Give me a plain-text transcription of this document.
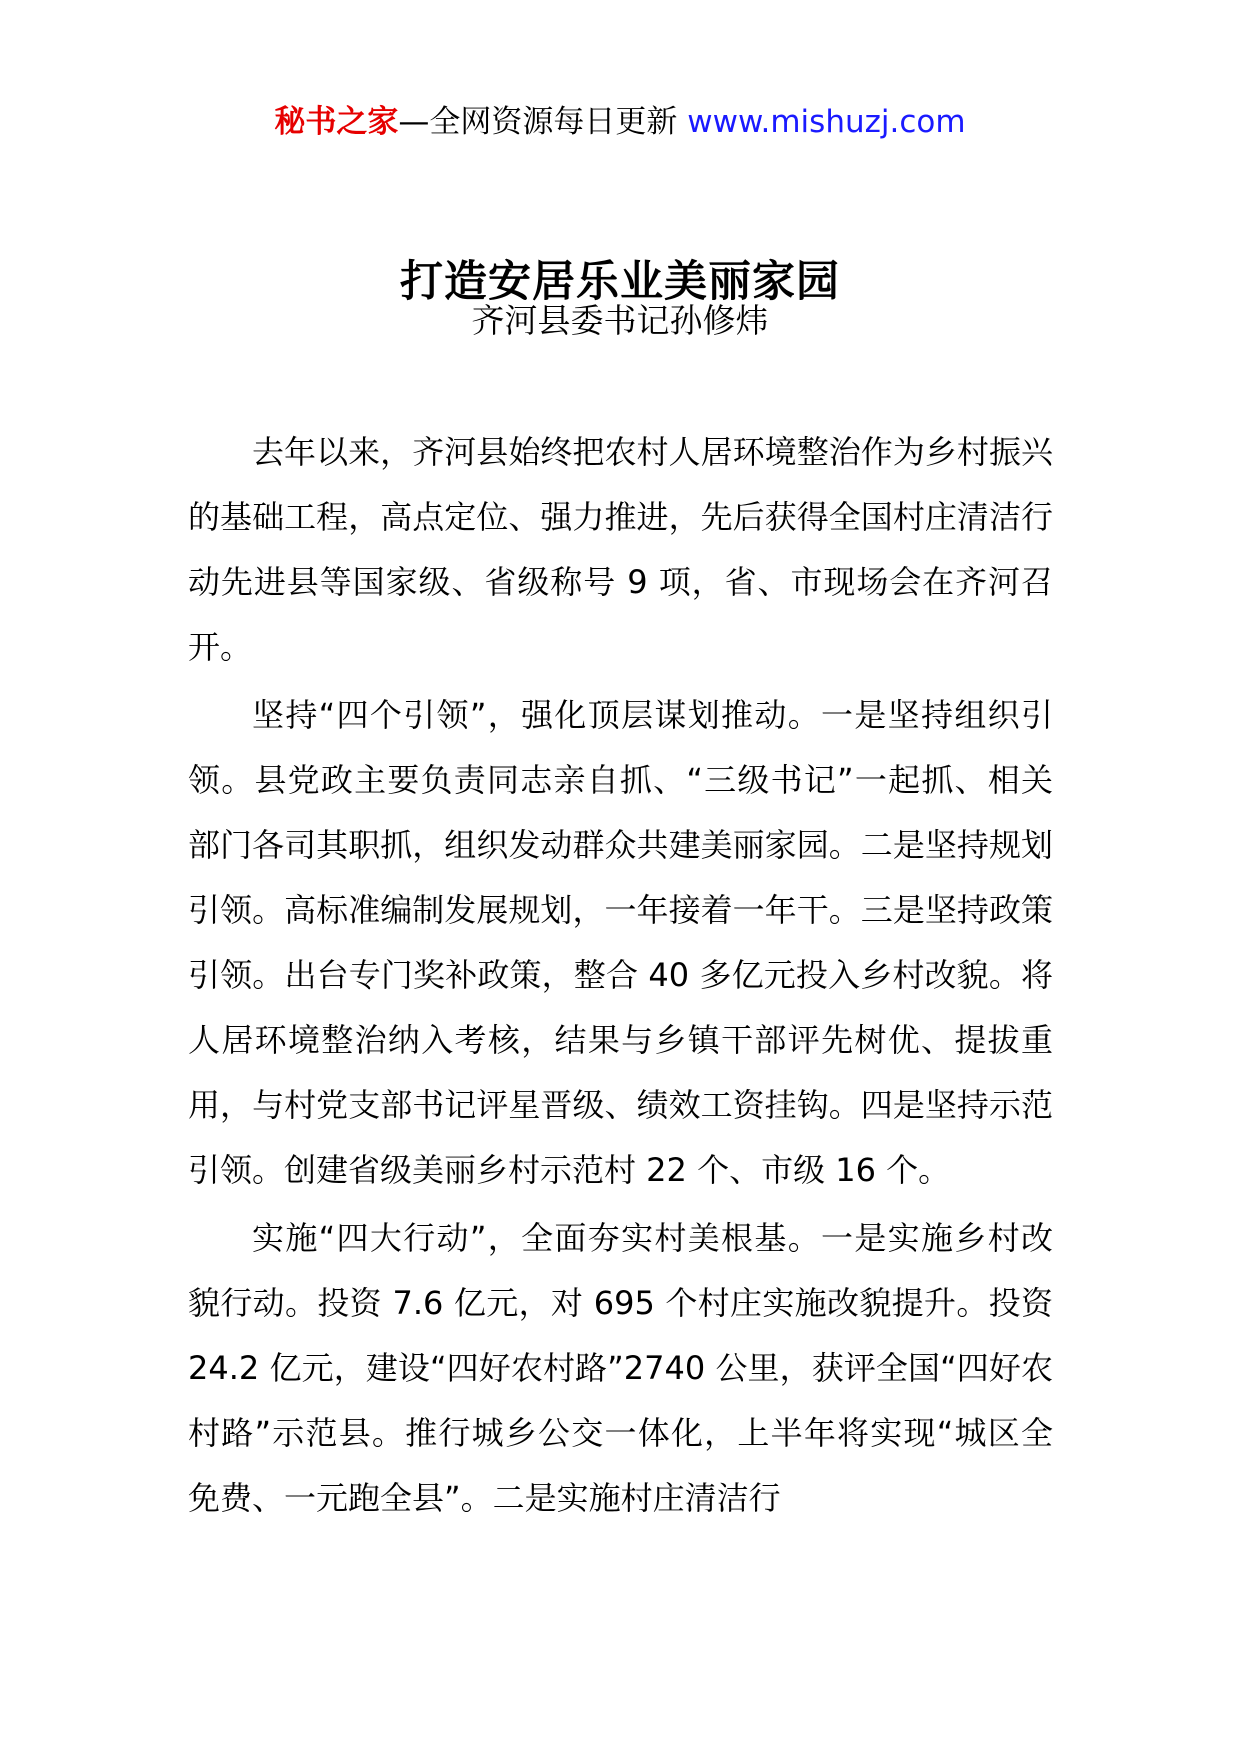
秘书之家—全网资源每日更新 www.mishuzj.com
打造安居乐业美丽家园
齐河县委书记孙修炜

去年以来，齐河县始终把农村人居环境整治作为乡村振兴的基础工程，高点定位、强力推进，先后获得全国村庄清洁行动先进县等国家级、省级称号 9 项，省、市现场会在齐河召开。

坚持“四个引领”，强化顶层谋划推动。一是坚持组织引领。县党政主要负责同志亲自抓、“三级书记”一起抓、相关部门各司其职抓，组织发动群众共建美丽家园。二是坚持规划引领。高标准编制发展规划，一年接着一年干。三是坚持政策引领。出台专门奖补政策，整合 40 多亿元投入乡村改貌。将人居环境整治纳入考核，结果与乡镇干部评先树优、提拔重用，与村党支部书记评星晋级、绩效工资挂钩。四是坚持示范引领。创建省级美丽乡村示范村 22 个、市级 16 个。

实施“四大行动”，全面夯实村美根基。一是实施乡村改貌行动。投资 7.6 亿元，对 695 个村庄实施改貌提升。投资 24.2 亿元，建设“四好农村路”2740 公里，获评全国“四好农村路”示范县。推行城乡公交一体化，上半年将实现“城区全免费、一元跑全县”。二是实施村庄清洁行
